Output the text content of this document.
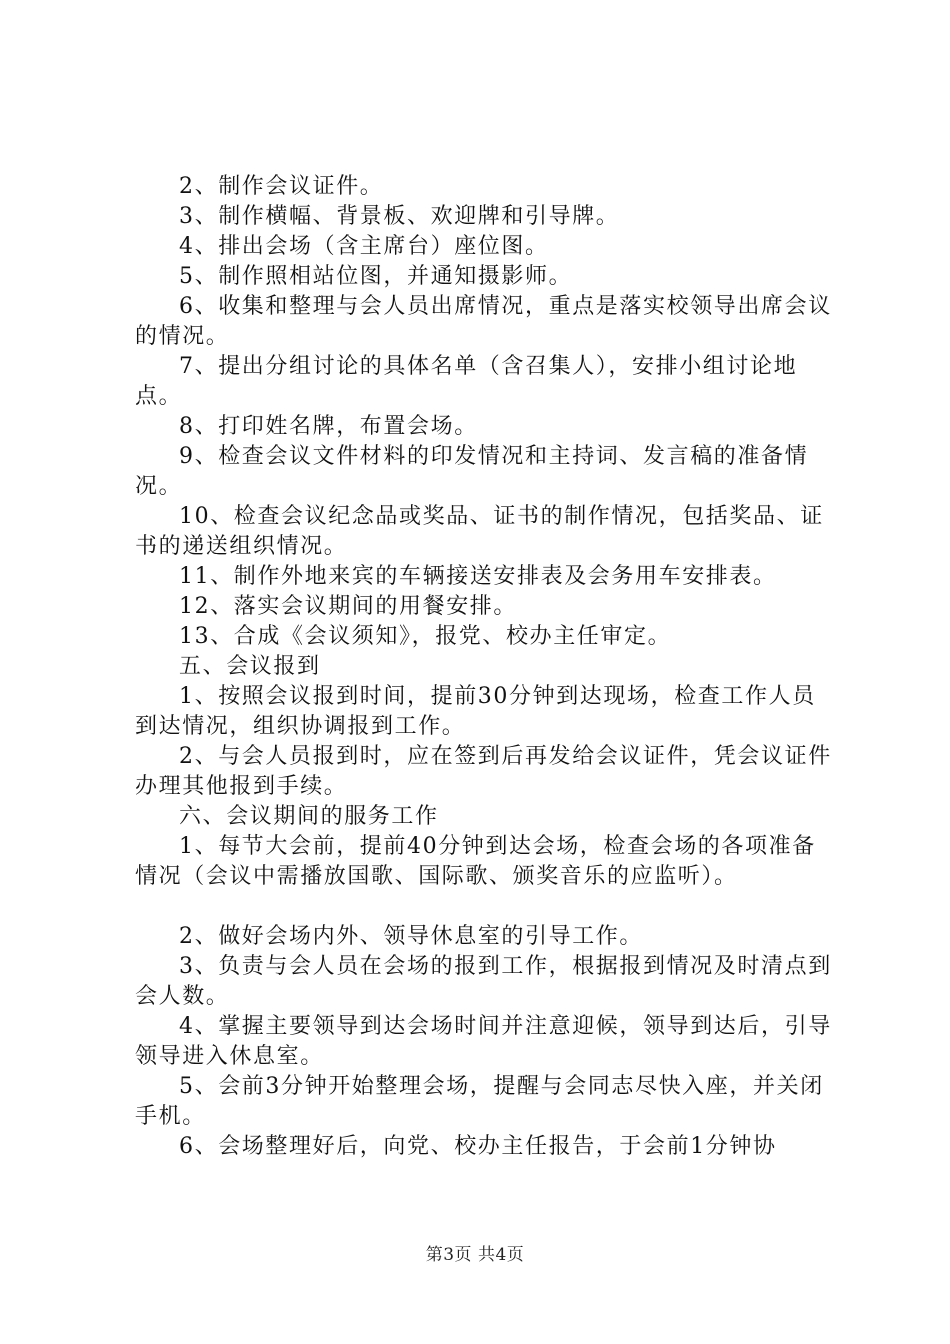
2、制作会议证件。

3、制作横幅、背景板、欢迎牌和引导牌。

4、排出会场（含主席台）座位图。

5、制作照相站位图，并通知摄影师。

6、收集和整理与会人员出席情况，重点是落实校领导出席会议的情况。

7、提出分组讨论的具体名单（含召集人），安排小组讨论地点。

8、打印姓名牌，布置会场。

9、检查会议文件材料的印发情况和主持词、发言稿的准备情况。

10、检查会议纪念品或奖品、证书的制作情况，包括奖品、证书的递送组织情况。

11、制作外地来宾的车辆接送安排表及会务用车安排表。

12、落实会议期间的用餐安排。

13、合成《会议须知》，报党、校办主任审定。

五、会议报到

1、按照会议报到时间，提前30分钟到达现场，检查工作人员到达情况，组织协调报到工作。

2、与会人员报到时，应在签到后再发给会议证件，凭会议证件办理其他报到手续。

六、会议期间的服务工作

1、每节大会前，提前40分钟到达会场，检查会场的各项准备情况（会议中需播放国歌、国际歌、颁奖音乐的应监听）。

2、做好会场内外、领导休息室的引导工作。

3、负责与会人员在会场的报到工作，根据报到情况及时清点到会人数。

4、掌握主要领导到达会场时间并注意迎候，领导到达后，引导领导进入休息室。

5、会前3分钟开始整理会场，提醒与会同志尽快入座，并关闭手机。

6、会场整理好后，向党、校办主任报告，于会前1分钟协

第3页 共4页
